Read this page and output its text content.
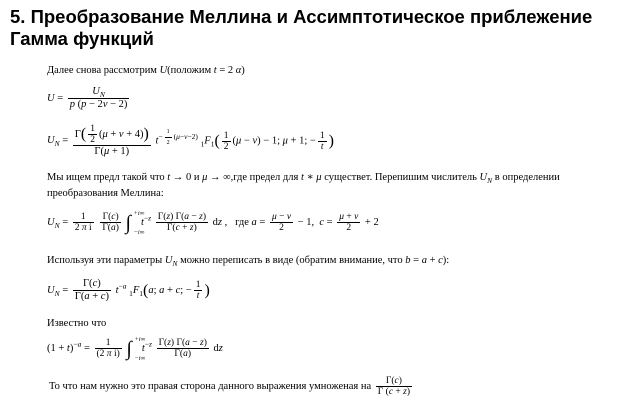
5. Преобразование Меллина и Ассимптотическое приблежение Гамма функций
Далее снова рассмотрим U(положим t = 2 α)
$U = \frac{U_N}{p (p - 2\nu - 2)}$
$U_N = \frac{\Gamma( \frac{1}{2} (\mu + \nu + 4))}{\Gamma(\mu + 1)} t^{- \frac{1}{2} (\mu-\nu-2)}$ $_1F_1( \frac{1}{2} (\mu - \nu) - 1$; μ + 1; − $\frac{1}{t}$ )
Мы ищем предл такой что t → 0 и μ → ∞,где предел для t ∗ μ существет. Перепишим числитель $U_N$ в определении
преобразования Меллина:
$U_N = \frac{1}{\text{2 π i}}$
$\frac{\Gamma(c)}{\Gamma(a)}$ ∫ +i∞
−i∞
$t^{-z} \frac{\Gamma(z) \Gamma(a - z)}{\Gamma(c + z)}$ dz ,   где $a = \frac{\mu - \nu}{2} - 1$,  $c = \frac{\mu + \nu}{2} + 2$
Используя эти параметры $U_N$ можно переписать в виде (обратим внимание, что b = a + c):
$U_N = \frac{\Gamma(c)}{\Gamma(a + c)} t^{-a}$ $_1F_1(a$; a + c; − $\frac{1}{t}$ )
Известно что
$(1 + t)^{-a} = \frac{1}{\text{(2 π i)}}$ ∫ +i∞
−i∞
$t^{-z} \frac{\Gamma(z) \Gamma(a - z)}{\Gamma(a)}$ dz
То что нам нужно это правая сторона данного выражения умноженая на $\frac{\Gamma(c)}{\Gamma (c + z)}$
